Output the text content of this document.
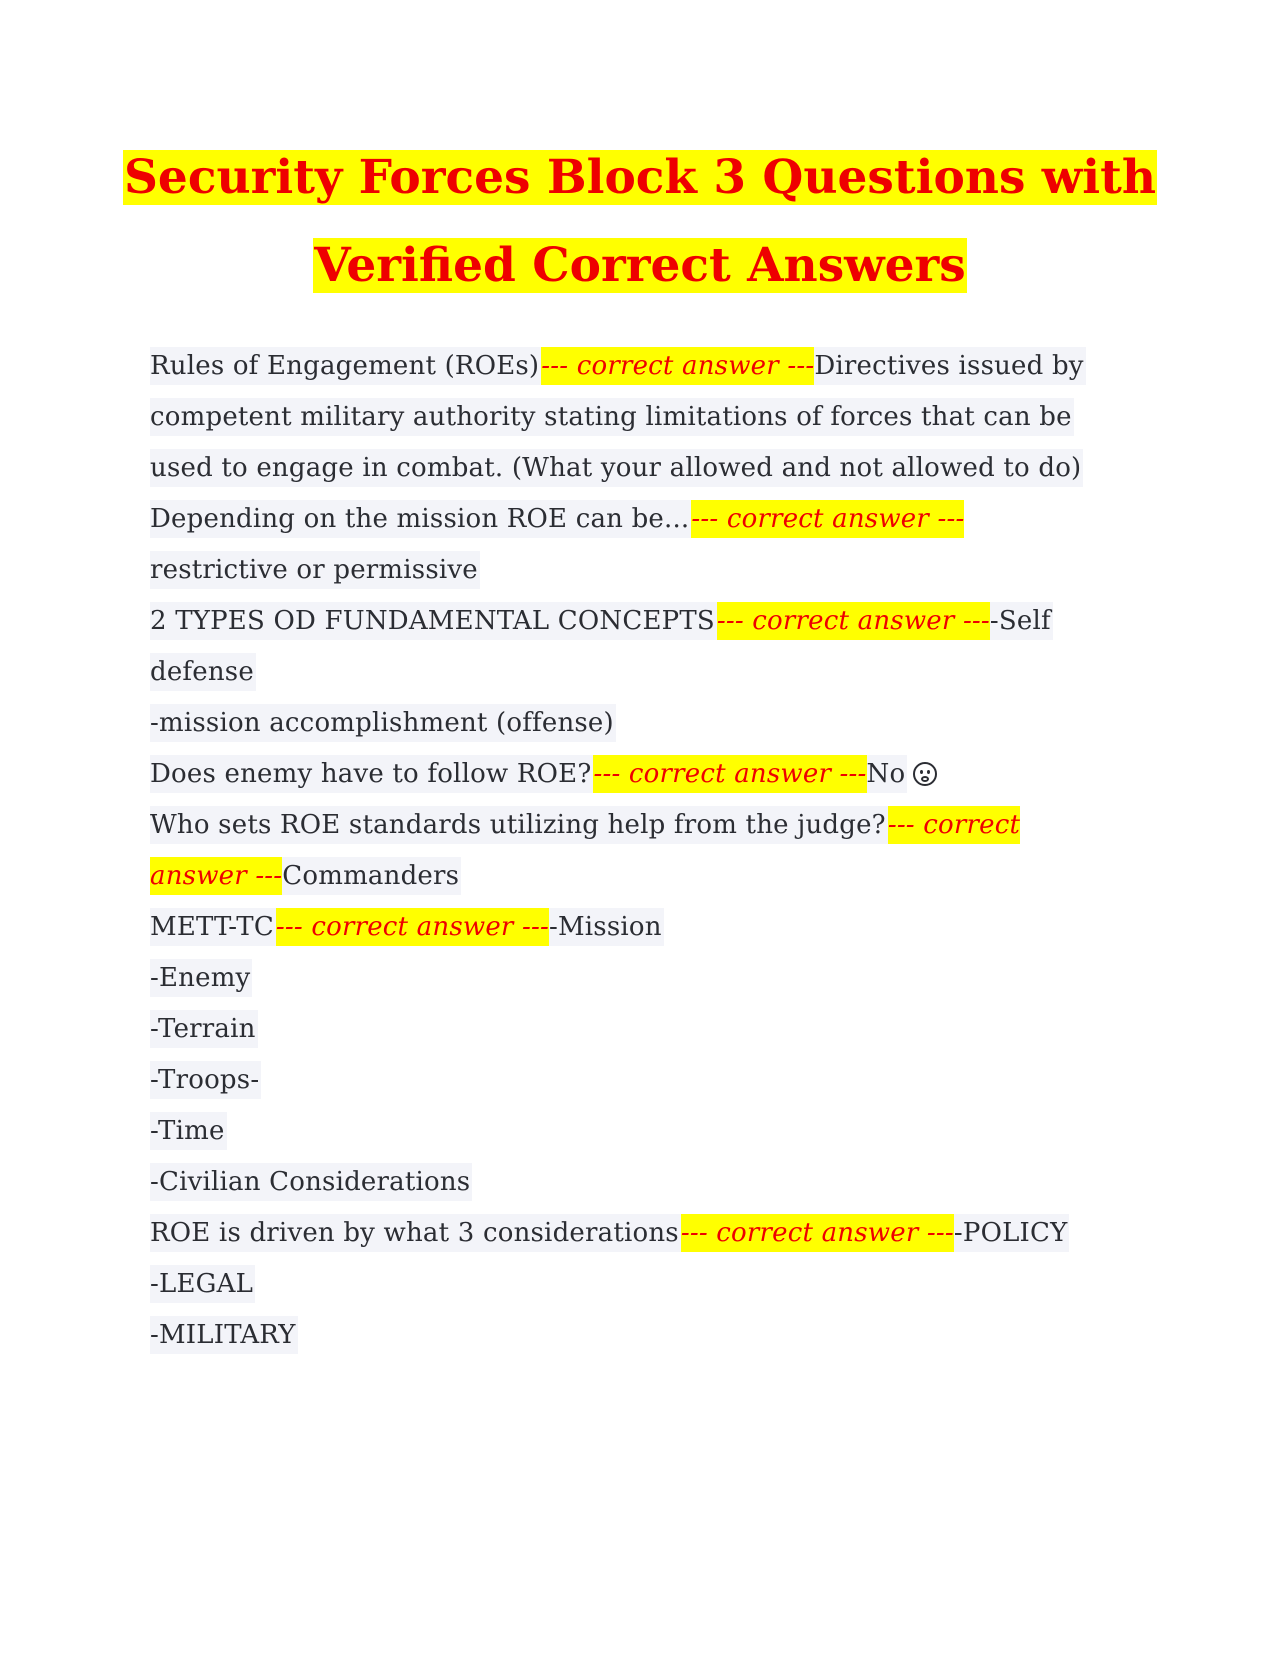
Security Forces Block 3 Questions with
Verified Correct Answers
Rules of Engagement (ROEs)--- correct answer ---Directives issued by
competent military authority stating limitations of forces that can be
used to engage in combat. (What your allowed and not allowed to do)
Depending on the mission ROE can be...--- correct answer ---
restrictive or permissive
2 TYPES OD FUNDAMENTAL CONCEPTS--- correct answer ----Self
defense
-mission accomplishment (offense)
Does enemy have to follow ROE?--- correct answer ---No
Who sets ROE standards utilizing help from the judge?--- correct
answer ---Commanders
METT-TC--- correct answer ----Mission
-Enemy
-Terrain
-Troops-
-Time
-Civilian Considerations
ROE is driven by what 3 considerations--- correct answer ----POLICY
-LEGAL
-MILITARY
